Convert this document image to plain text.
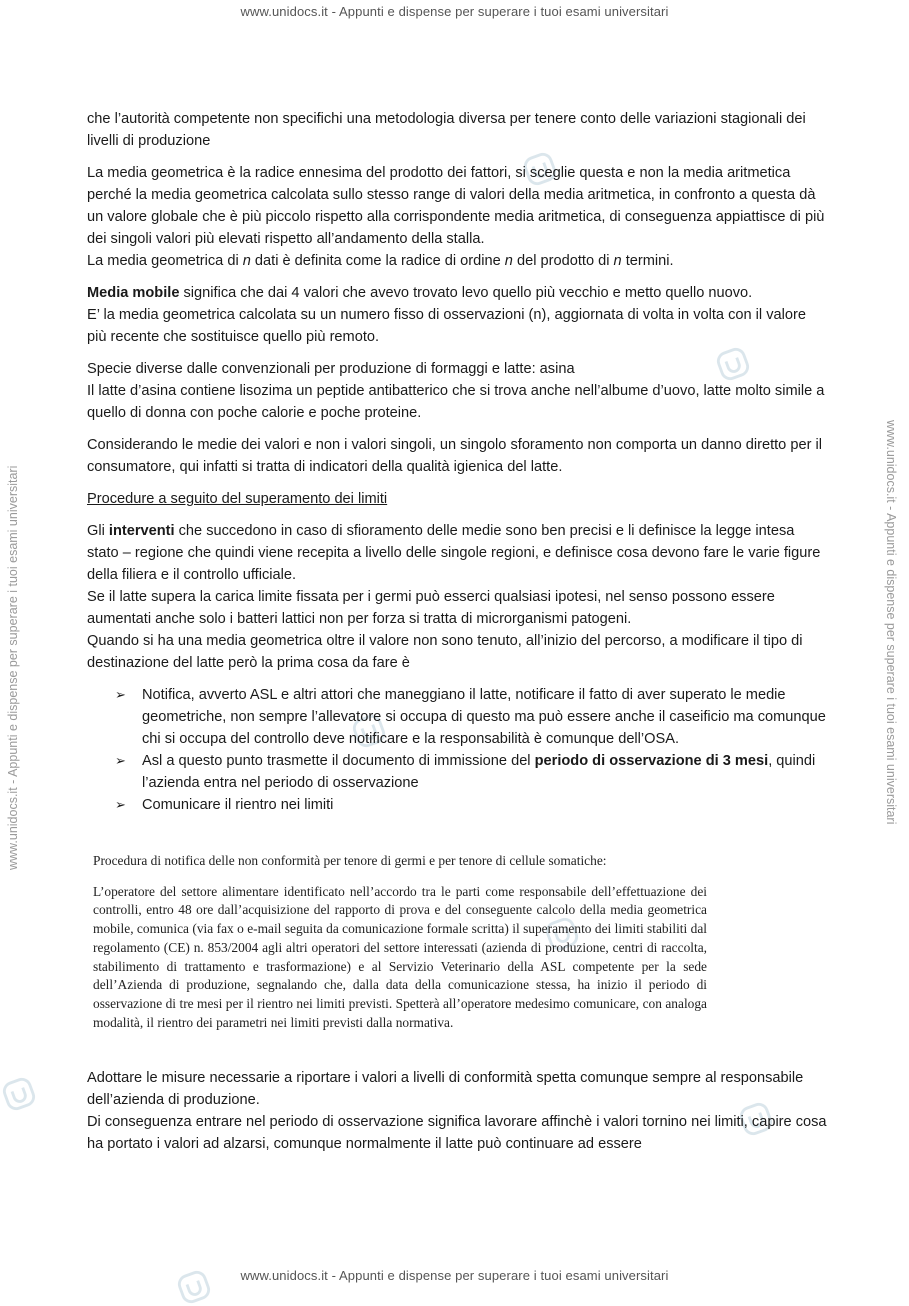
www.unidocs.it - Appunti e dispense per superare i tuoi esami universitari
www.unidocs.it - Appunti e dispense per superare i tuoi esami universitari
www.unidocs.it - Appunti e dispense per superare i tuoi esami universitari	www.unidocs.it - Appunti e dispense per superare i tuoi esami universitari

che l’autorità competente non specifichi una metodologia diversa per tenere conto delle variazioni stagionali dei livelli di produzione

La media geometrica è la radice ennesima del prodotto dei fattori, si sceglie questa e non la media aritmetica perché la media geometrica calcolata sullo stesso range di valori della media aritmetica, in confronto a questa dà un valore globale che è più piccolo rispetto alla corrispondente media aritmetica, di conseguenza appiattisce di più dei singoli valori più elevati rispetto all’andamento della stalla.
La media geometrica di n dati è definita come la radice di ordine n del prodotto di n termini.

Media mobile significa che dai 4 valori che avevo trovato levo quello più vecchio e metto quello nuovo.
E’ la media geometrica calcolata su un numero fisso di osservazioni (n), aggiornata di volta in volta con il valore più recente che sostituisce quello più remoto.

Specie diverse dalle convenzionali per produzione di formaggi e latte: asina
Il latte d’asina contiene lisozima un peptide antibatterico che si trova anche nell’albume d’uovo, latte molto simile a quello di donna con poche calorie e poche proteine.

Considerando le medie dei valori e non i valori singoli, un singolo sforamento non comporta un danno diretto per il consumatore, qui infatti si tratta di indicatori della qualità igienica del latte.

Procedure a seguito del superamento dei limiti

Gli interventi che succedono in caso di sfioramento delle medie sono ben precisi e li definisce la legge intesa stato – regione che quindi viene recepita a livello delle singole regioni, e definisce cosa devono fare le varie figure della filiera e il controllo ufficiale.
Se il latte supera la carica limite fissata per i germi può esserci qualsiasi ipotesi, nel senso possono essere aumentati anche solo i batteri lattici non per forza si tratta di microrganismi patogeni.
Quando si ha una media geometrica oltre il valore non sono tenuto, all’inizio del percorso, a modificare il tipo di destinazione del latte però la prima cosa da fare è

➢ Notifica, avverto ASL e altri attori che maneggiano il latte, notificare il fatto di aver superato le medie geometriche, non sempre l’allevatore si occupa di questo ma può essere anche il caseificio ma comunque chi si occupa del controllo deve notificare e la responsabilità è comunque dell’OSA.
➢ Asl a questo punto trasmette il documento di immissione del periodo di osservazione di 3 mesi, quindi l’azienda entra nel periodo di osservazione
➢ Comunicare il rientro nei limiti

Procedura di notifica delle non conformità per tenore di germi e per tenore di cellule somatiche:

L’operatore del settore alimentare identificato nell’accordo tra le parti come responsabile dell’effettuazione dei controlli, entro 48 ore dall’acquisizione del rapporto di prova e del conseguente calcolo della media geometrica mobile, comunica (via fax o e-mail seguita da comunicazione formale scritta) il superamento dei limiti stabiliti dal regolamento (CE) n. 853/2004 agli altri operatori del settore interessati (azienda di produzione, centri di raccolta, stabilimento di trattamento e trasformazione) e al Servizio Veterinario della ASL competente per la sede dell’Azienda di produzione, segnalando che, dalla data della comunicazione stessa, ha inizio il periodo di osservazione di tre mesi per il rientro nei limiti previsti. Spetterà all’operatore medesimo comunicare, con analoga modalità, il rientro dei parametri nei limiti previsti dalla normativa.

Adottare le misure necessarie a riportare i valori a livelli di conformità spetta comunque sempre al responsabile dell’azienda di produzione.

Di conseguenza entrare nel periodo di osservazione significa lavorare affinchè i valori tornino nei limiti, capire cosa ha portato i valori ad alzarsi, comunque normalmente il latte può continuare ad essere
